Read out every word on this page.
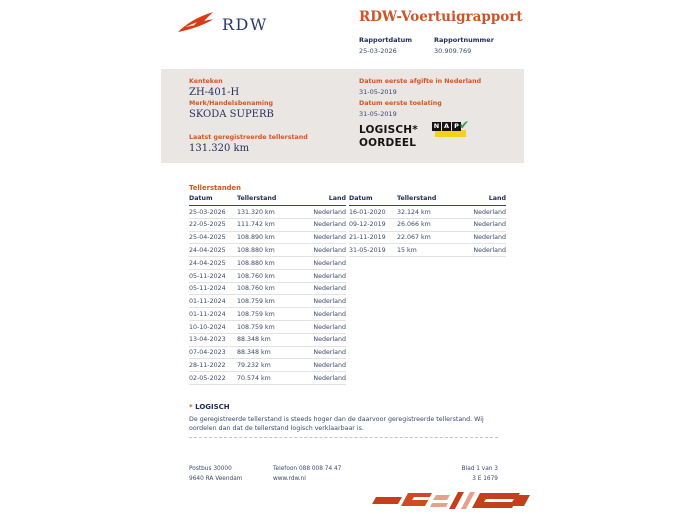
RDW	RDW-Voertuigrapport
Rapportdatum
25-03-2026
Rapportnummer
30.909.769
Kenteken
ZH-401-H
Merk/Handelsbenaming
SKODA SUPERB
Laatst geregistreerde tellerstand
131.320 km
Datum eerste afgifte in Nederland
31-05-2019
Datum eerste toelating
31-05-2019
LOGISCH*
OORDEEL
N A P ✔
Tellerstanden
Datum	Tellerstand	Land
25-03-2026	131.320 km	Nederland
22-05-2025	111.742 km	Nederland
25-04-2025	108.890 km	Nederland
24-04-2025	108.880 km	Nederland
24-04-2025	108.880 km	Nederland
05-11-2024	108.760 km	Nederland
05-11-2024	108.760 km	Nederland
01-11-2024	108.759 km	Nederland
01-11-2024	108.759 km	Nederland
10-10-2024	108.759 km	Nederland
13-04-2023	88.348 km	Nederland
07-04-2023	88.348 km	Nederland
28-11-2022	79.232 km	Nederland
02-05-2022	70.574 km	Nederland
Datum	Tellerstand	Land
16-01-2020	32.124 km	Nederland
09-12-2019	26.066 km	Nederland
21-11-2019	22.067 km	Nederland
31-05-2019	15 km	Nederland
* LOGISCH
De geregistreerde tellerstand is steeds hoger dan de daarvoor geregistreerde tellerstand. Wij oordelen dan dat de tellerstand logisch verklaarbaar is.
Postbus 30000
9640 RA Veendam
Telefoon 088 008 74 47
www.rdw.nl
Blad 1 van 3
3 E 1679
